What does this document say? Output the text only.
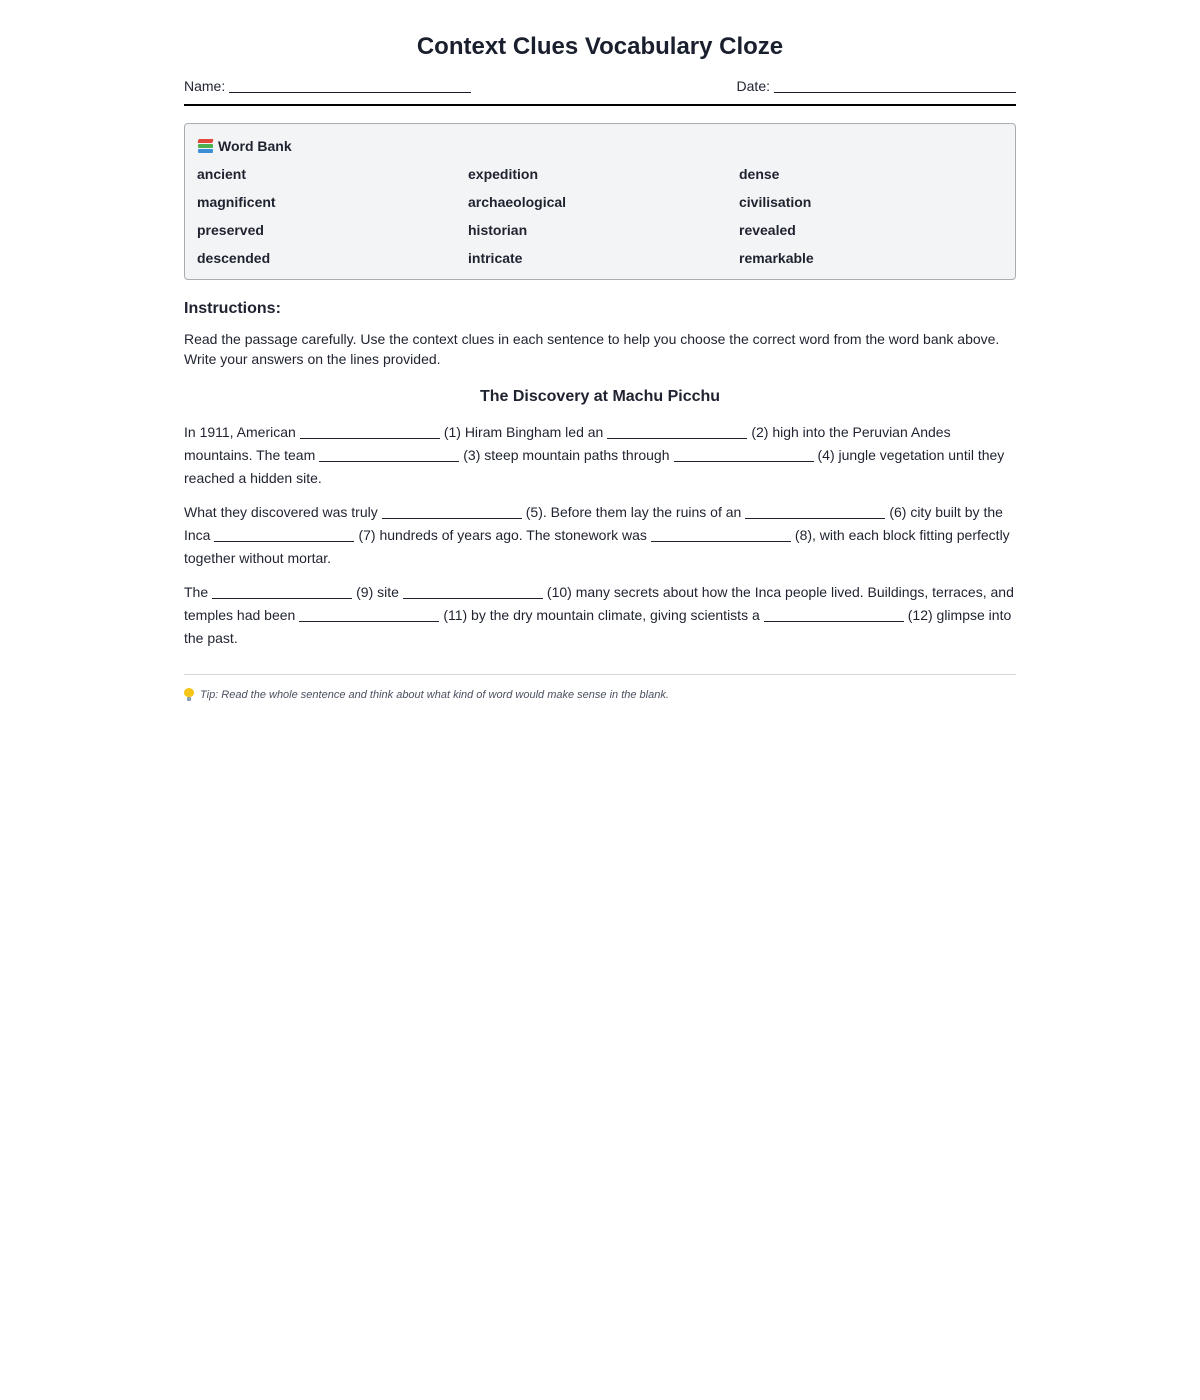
Context Clues Vocabulary Cloze
Name:	Date:
Word Bank
ancient	expedition	dense
magnificent	archaeological	civilisation
preserved	historian	revealed
descended	intricate	remarkable
Instructions:

Read the passage carefully. Use the context clues in each sentence to help you choose the correct word from the word bank above. Write your answers on the lines provided.

The Discovery at Machu Picchu

In 1911, American	(1) Hiram Bingham led an	(2) high into the Peruvian Andes mountains. The team	(3) steep mountain paths through	(4) jungle vegetation until they reached a hidden site.

What they discovered was truly	(5). Before them lay the ruins of an	(6) city built by the Inca	(7) hundreds of years ago. The stonework was	(8), with each block fitting perfectly together without mortar.

The	(9) site	(10) many secrets about how the Inca people lived. Buildings, terraces, and temples had been	(11) by the dry mountain climate, giving scientists a	(12) glimpse into the past.

Tip: Read the whole sentence and think about what kind of word would make sense in the blank.
